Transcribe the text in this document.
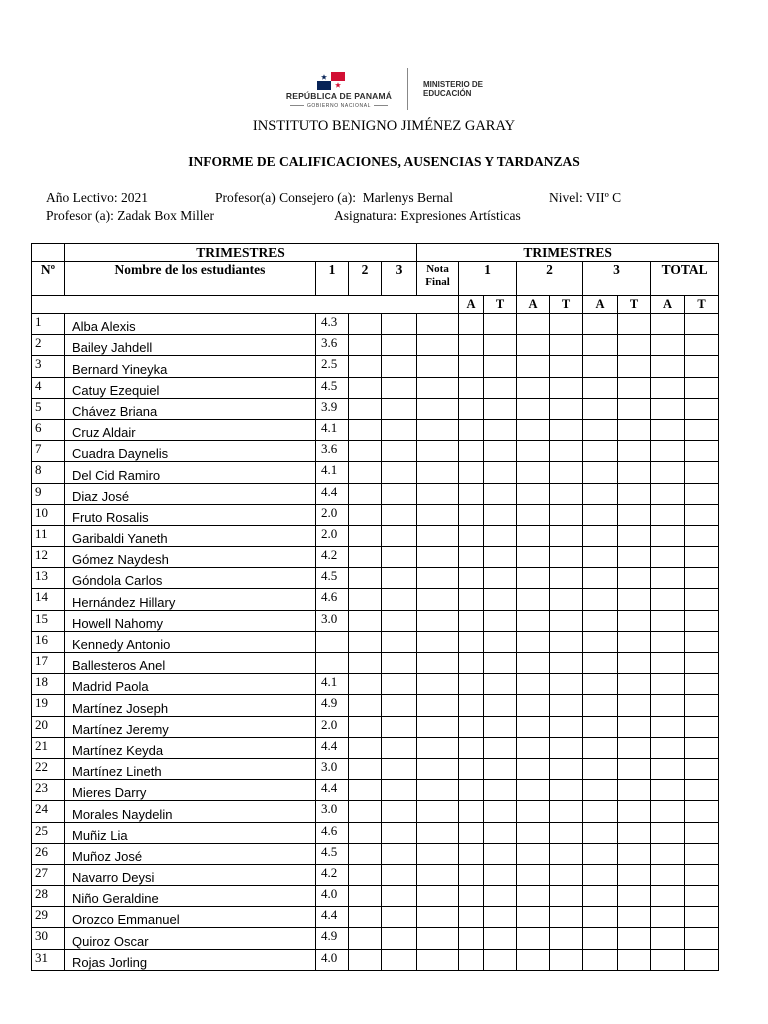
REPÚBLICA DE PANAMÁ
GOBIERNO NACIONAL
MINISTERIO DE
EDUCACIÓN
INSTITUTO BENIGNO JIMÉNEZ GARAY
INFORME DE CALIFICACIONES, AUSENCIAS Y TARDANZAS
Año Lectivo: 2021	Profesor(a) Consejero (a):  Marlenys Bernal	Nivel: VIIº C
Profesor (a): Zadak Box Miller	Asignatura: Expresiones Artísticas
	TRIMESTRES				TRIMESTRES								
Nº	Nombre de los estudiantes	1	2	3	Nota Final	1		2		3		TOTAL	
						A	T	A	T	A	T	A	T
1	Alba Alexis	4.3											
2	Bailey Jahdell	3.6											
3	Bernard Yineyka	2.5											
4	Catuy Ezequiel	4.5											
5	Chávez Briana	3.9											
6	Cruz Aldair	4.1											
7	Cuadra Daynelis	3.6											
8	Del Cid Ramiro	4.1											
9	Diaz José	4.4											
10	Fruto Rosalis	2.0											
11	Garibaldi Yaneth	2.0											
12	Gómez Naydesh	4.2											
13	Góndola Carlos	4.5											
14	Hernández Hillary	4.6											
15	Howell Nahomy	3.0											
16	Kennedy Antonio												
17	Ballesteros Anel												
18	Madrid Paola	4.1											
19	Martínez Joseph	4.9											
20	Martínez Jeremy	2.0											
21	Martínez Keyda	4.4											
22	Martínez Lineth	3.0											
23	Mieres Darry	4.4											
24	Morales Naydelin	3.0											
25	Muñiz Lia	4.6											
26	Muñoz José	4.5											
27	Navarro Deysi	4.2											
28	Niño Geraldine	4.0											
29	Orozco Emmanuel	4.4											
30	Quiroz Oscar	4.9											
31	Rojas Jorling	4.0											
